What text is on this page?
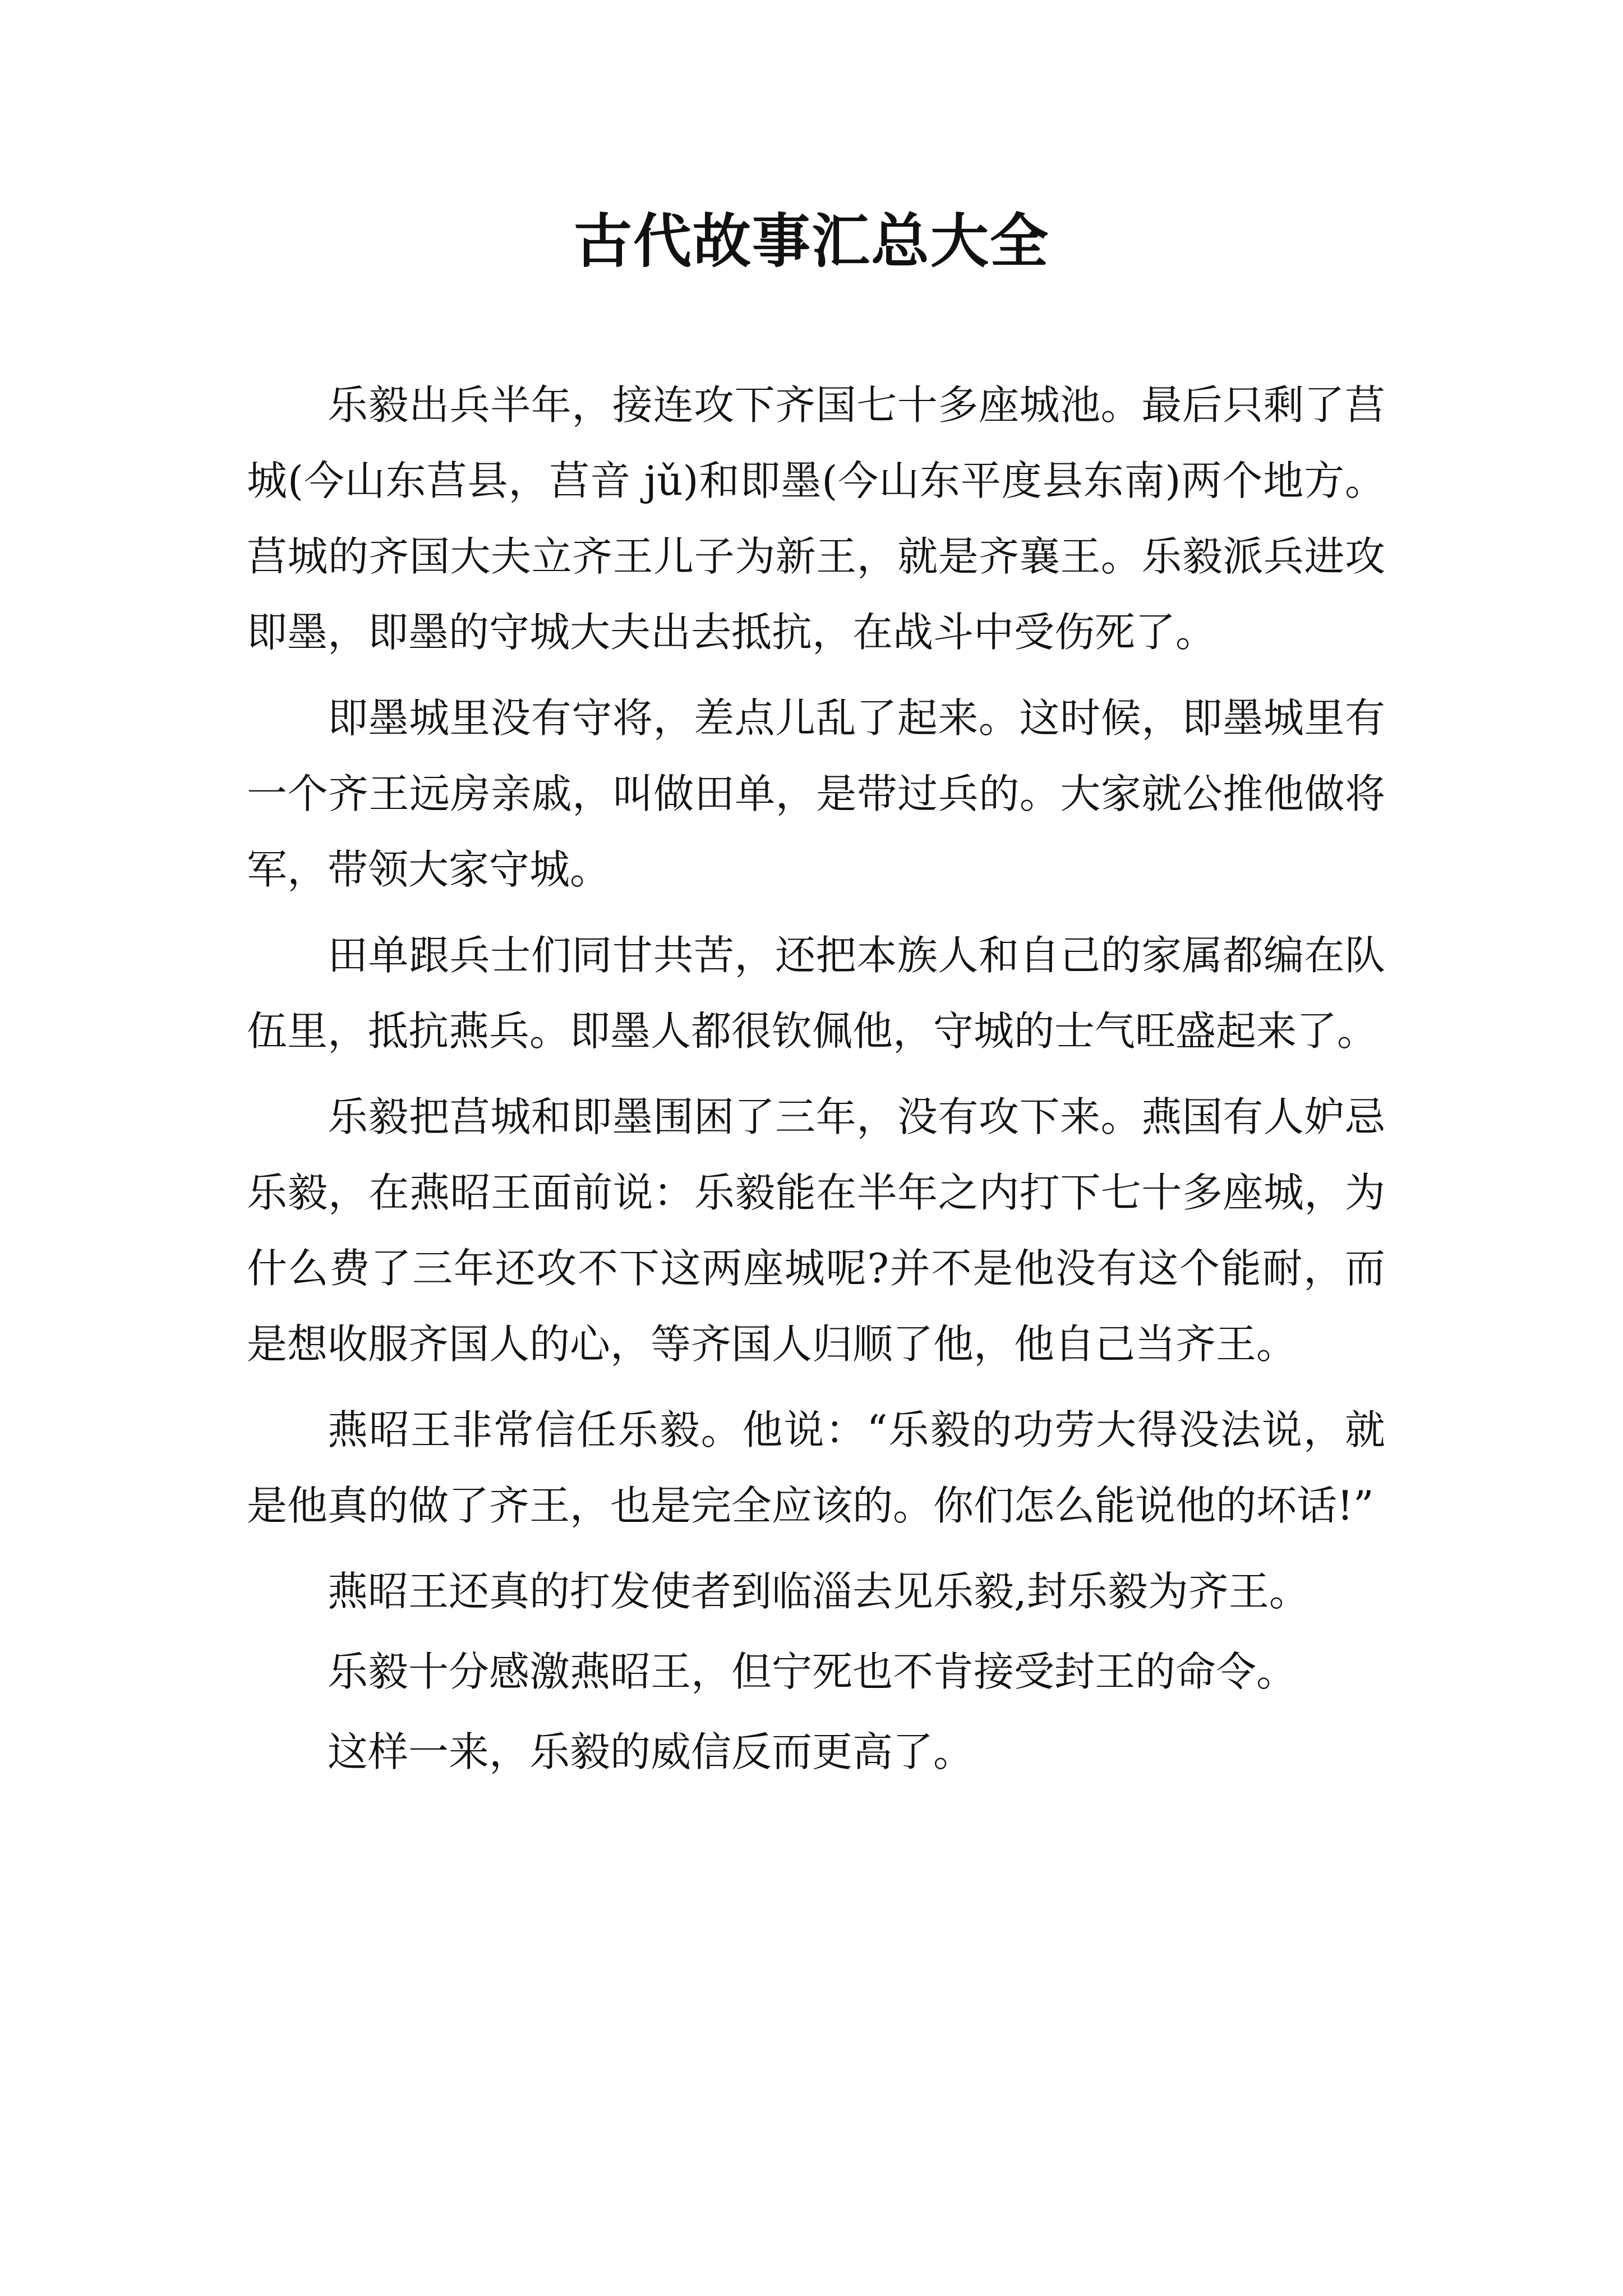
古代故事汇总大全

乐毅出兵半年，接连攻下齐国七十多座城池。最后只剩了莒城(今山东莒县，莒音 jǔ)和即墨(今山东平度县东南)两个地方。莒城的齐国大夫立齐王儿子为新王，就是齐襄王。乐毅派兵进攻即墨，即墨的守城大夫出去抵抗，在战斗中受伤死了。

即墨城里没有守将，差点儿乱了起来。这时候，即墨城里有一个齐王远房亲戚，叫做田单，是带过兵的。大家就公推他做将军，带领大家守城。

田单跟兵士们同甘共苦，还把本族人和自己的家属都编在队伍里，抵抗燕兵。即墨人都很钦佩他，守城的士气旺盛起来了。

乐毅把莒城和即墨围困了三年，没有攻下来。燕国有人妒忌乐毅，在燕昭王面前说：乐毅能在半年之内打下七十多座城，为什么费了三年还攻不下这两座城呢?并不是他没有这个能耐，而是想收服齐国人的心，等齐国人归顺了他，他自己当齐王。

燕昭王非常信任乐毅。他说：“乐毅的功劳大得没法说，就是他真的做了齐王，也是完全应该的。你们怎么能说他的坏话!”

燕昭王还真的打发使者到临淄去见乐毅,封乐毅为齐王。

乐毅十分感激燕昭王，但宁死也不肯接受封王的命令。

这样一来，乐毅的威信反而更高了。
